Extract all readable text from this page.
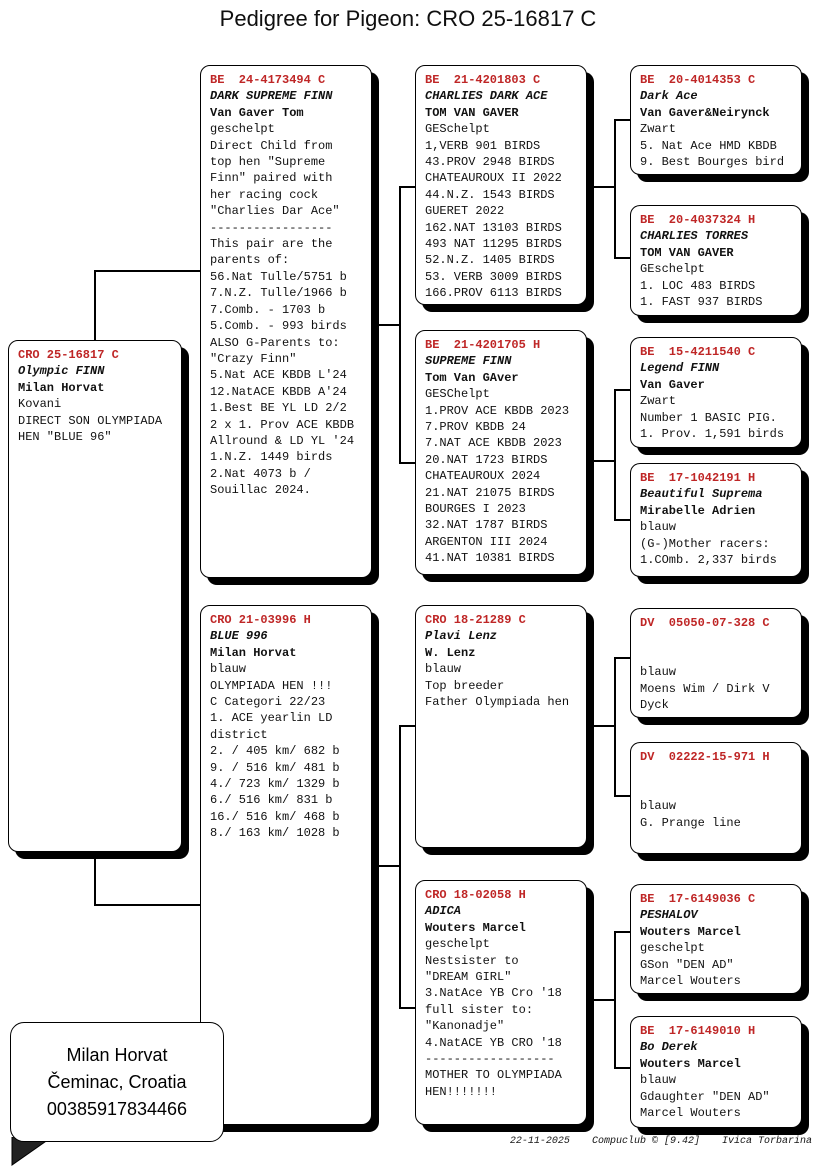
Pedigree for Pigeon: CRO 25-16817 C
CRO 25-16817 C
Olympic FINN
Milan Horvat
Kovani
DIRECT SON OLYMPIADA
HEN "BLUE 96"
BE  24-4173494 C
DARK SUPREME FINN
Van Gaver Tom
geschelpt
Direct Child from
top hen "Supreme
Finn" paired with
her racing cock
"Charlies Dar Ace"
-----------------
This pair are the
parents of:
56.Nat Tulle/5751 b
7.N.Z. Tulle/1966 b
7.Comb. - 1703 b
5.Comb. - 993 birds
ALSO G-Parents to:
"Crazy Finn"
5.Nat ACE KBDB L'24
12.NatACE KBDB A'24
1.Best BE YL LD 2/2
2 x 1. Prov ACE KBDB
Allround & LD YL '24
1.N.Z. 1449 birds
2.Nat 4073 b /
Souillac 2024.
CRO 21-03996 H
BLUE 996
Milan Horvat
blauw
OLYMPIADA HEN !!!
C Categori 22/23
1. ACE yearlin LD
district
2. / 405 km/ 682 b
9. / 516 km/ 481 b
4./ 723 km/ 1329 b
6./ 516 km/ 831 b
16./ 516 km/ 468 b
8./ 163 km/ 1028 b
BE  21-4201803 C
CHARLIES DARK ACE
TOM VAN GAVER
GESchelpt
1,VERB 901 BIRDS
43.PROV 2948 BIRDS
CHATEAUROUX II 2022
44.N.Z. 1543 BIRDS
GUERET 2022
162.NAT 13103 BIRDS
493 NAT 11295 BIRDS
52.N.Z. 1405 BIRDS
53. VERB 3009 BIRDS
166.PROV 6113 BIRDS
BE  21-4201705 H
SUPREME FINN
Tom Van GAver
GESChelpt
1.PROV ACE KBDB 2023
7.PROV KBDB 24
7.NAT ACE KBDB 2023
20.NAT 1723 BIRDS
CHATEAUROUX 2024
21.NAT 21075 BIRDS
BOURGES I 2023
32.NAT 1787 BIRDS
ARGENTON III 2024
41.NAT 10381 BIRDS
CRO 18-21289 C
Plavi Lenz
W. Lenz
blauw
Top breeder
Father Olympiada hen
CRO 18-02058 H
ADICA
Wouters Marcel
geschelpt
Nestsister to
"DREAM GIRL"
3.NatAce YB Cro '18
full sister to:
"Kanonadje"
4.NatACE YB CRO '18
------------------
MOTHER TO OLYMPIADA
HEN!!!!!!!
BE  20-4014353 C
Dark Ace
Van Gaver&Neirynck
Zwart
5. Nat Ace HMD KBDB
9. Best Bourges bird
BE  20-4037324 H
CHARLIES TORRES
TOM VAN GAVER
GEschelpt
1. LOC 483 BIRDS
1. FAST 937 BIRDS
BE  15-4211540 C
Legend FINN
Van Gaver
Zwart
Number 1 BASIC PIG.
1. Prov. 1,591 birds
BE  17-1042191 H
Beautiful Suprema
Mirabelle Adrien
blauw
(G-)Mother racers:
1.COmb. 2,337 birds
DV  05050-07-328 C
blauw
Moens Wim / Dirk V
Dyck
DV  02222-15-971 H
blauw
G. Prange line
BE  17-6149036 C
PESHALOV
Wouters Marcel
geschelpt
GSon "DEN AD"
Marcel Wouters
BE  17-6149010 H
Bo Derek
Wouters Marcel
blauw
Gdaughter "DEN AD"
Marcel Wouters
Milan Horvat
Čeminac, Croatia
00385917834466
22-11-2025 Compuclub © [9.42] Ivica Torbarina
